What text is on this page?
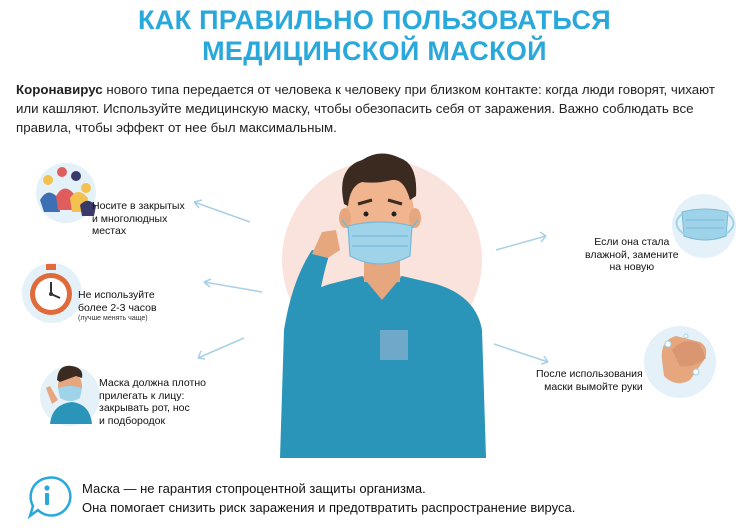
КАК ПРАВИЛЬНО ПОЛЬЗОВАТЬСЯ
МЕДИЦИНСКОЙ МАСКОЙ
Коронавирус нового типа передается от человека к человеку при близком контакте: когда люди говорят, чихают или кашляют. Используйте медицинскую маску, чтобы обезопасить себя от заражения. Важно соблюдать все правила, чтобы эффект от нее был максимальным.
Носите в закрытых
и многолюдных
местах
Не используйте
более 2-3 часов
(лучше менять чаще)
Маска должна плотно
прилегать к лицу:
закрывать рот, нос
и подбородок
Если она стала
влажной, замените
на новую
После использования
маски вымойте руки
Маска — не гарантия стопроцентной защиты организма.
Она помогает снизить риск заражения и предотвратить распространение вируса.
